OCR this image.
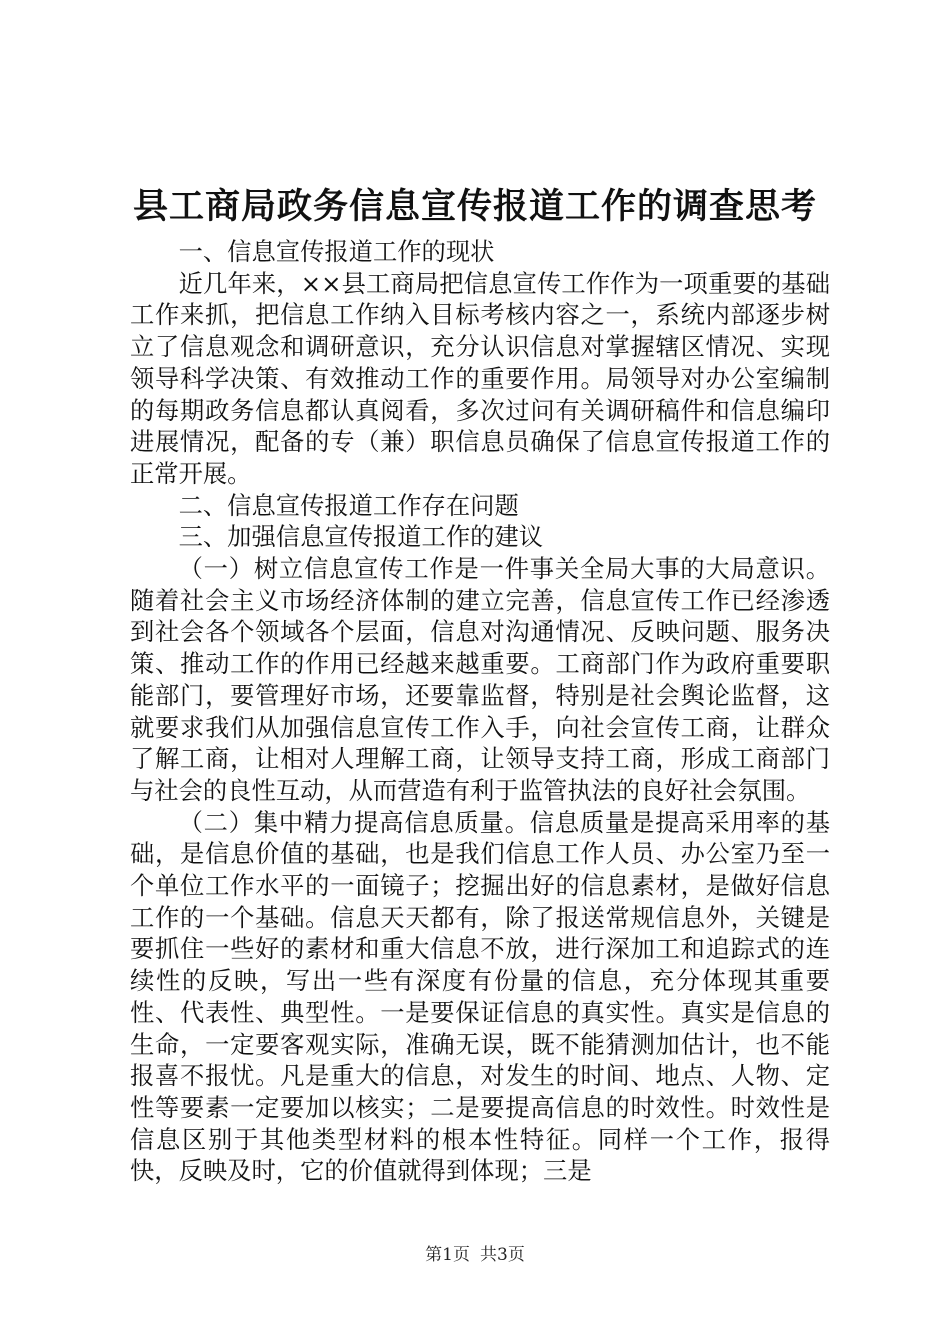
县工商局政务信息宣传报道工作的调查思考

一、信息宣传报道工作的现状

近几年来，××县工商局把信息宣传工作作为一项重要的基础工作来抓，把信息工作纳入目标考核内容之一，系统内部逐步树立了信息观念和调研意识，充分认识信息对掌握辖区情况、实现领导科学决策、有效推动工作的重要作用。局领导对办公室编制的每期政务信息都认真阅看，多次过问有关调研稿件和信息编印进展情况，配备的专（兼）职信息员确保了信息宣传报道工作的正常开展。

二、信息宣传报道工作存在问题

三、加强信息宣传报道工作的建议

（一）树立信息宣传工作是一件事关全局大事的大局意识。随着社会主义市场经济体制的建立完善，信息宣传工作已经渗透到社会各个领域各个层面，信息对沟通情况、反映问题、服务决策、推动工作的作用已经越来越重要。工商部门作为政府重要职能部门，要管理好市场，还要靠监督，特别是社会舆论监督，这就要求我们从加强信息宣传工作入手，向社会宣传工商，让群众了解工商，让相对人理解工商，让领导支持工商，形成工商部门与社会的良性互动，从而营造有利于监管执法的良好社会氛围。

（二）集中精力提高信息质量。信息质量是提高采用率的基础，是信息价值的基础，也是我们信息工作人员、办公室乃至一个单位工作水平的一面镜子；挖掘出好的信息素材，是做好信息工作的一个基础。信息天天都有，除了报送常规信息外，关键是要抓住一些好的素材和重大信息不放，进行深加工和追踪式的连续性的反映，写出一些有深度有份量的信息，充分体现其重要性、代表性、典型性。一是要保证信息的真实性。真实是信息的生命，一定要客观实际，准确无误，既不能猜测加估计，也不能报喜不报忧。凡是重大的信息，对发生的时间、地点、人物、定性等要素一定要加以核实；二是要提高信息的时效性。时效性是信息区别于其他类型材料的根本性特征。同样一个工作，报得快，反映及时，它的价值就得到体现；三是

第1页 共3页
